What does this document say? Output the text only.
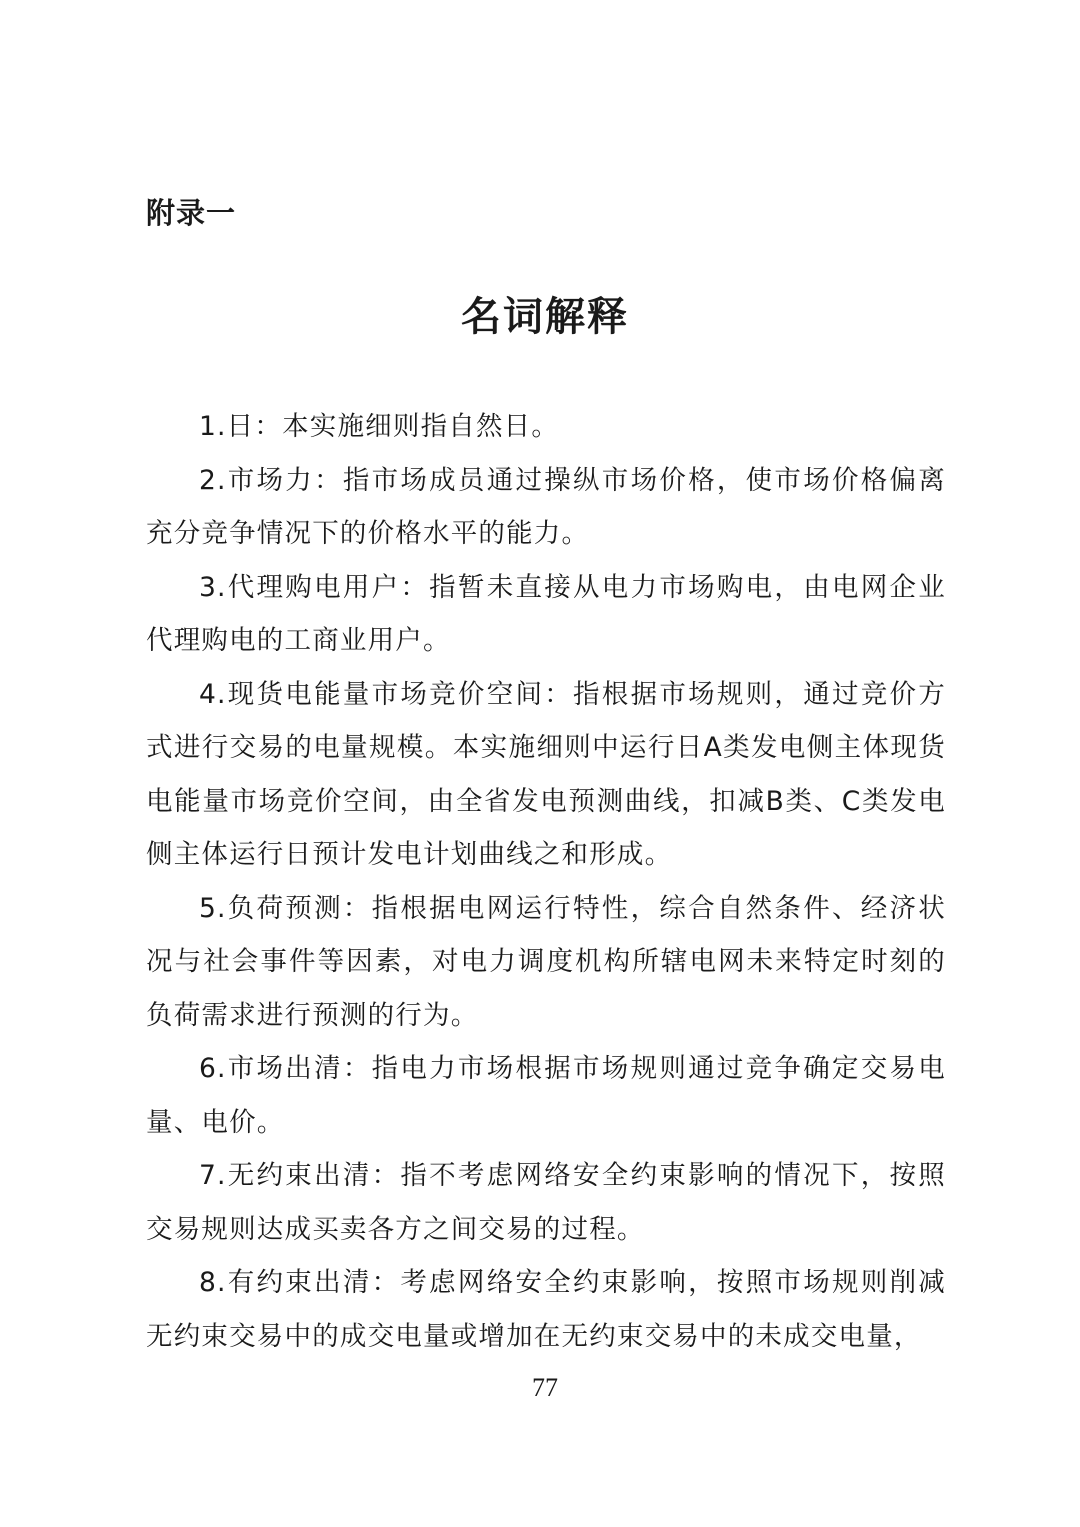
附录一
名词解释

1.日：本实施细则指自然日。

2.市场力：指市场成员通过操纵市场价格，使市场价格偏离充分竞争情况下的价格水平的能力。

3.代理购电用户：指暂未直接从电力市场购电，由电网企业代理购电的工商业用户。

4.现货电能量市场竞价空间：指根据市场规则，通过竞价方式进行交易的电量规模。本实施细则中运行日A类发电侧主体现货电能量市场竞价空间，由全省发电预测曲线，扣减B类、C类发电侧主体运行日预计发电计划曲线之和形成。

5.负荷预测：指根据电网运行特性，综合自然条件、经济状况与社会事件等因素，对电力调度机构所辖电网未来特定时刻的负荷需求进行预测的行为。

6.市场出清：指电力市场根据市场规则通过竞争确定交易电量、电价。

7.无约束出清：指不考虑网络安全约束影响的情况下，按照交易规则达成买卖各方之间交易的过程。

8.有约束出清：考虑网络安全约束影响，按照市场规则削减无约束交易中的成交电量或增加在无约束交易中的未成交电量，

77
